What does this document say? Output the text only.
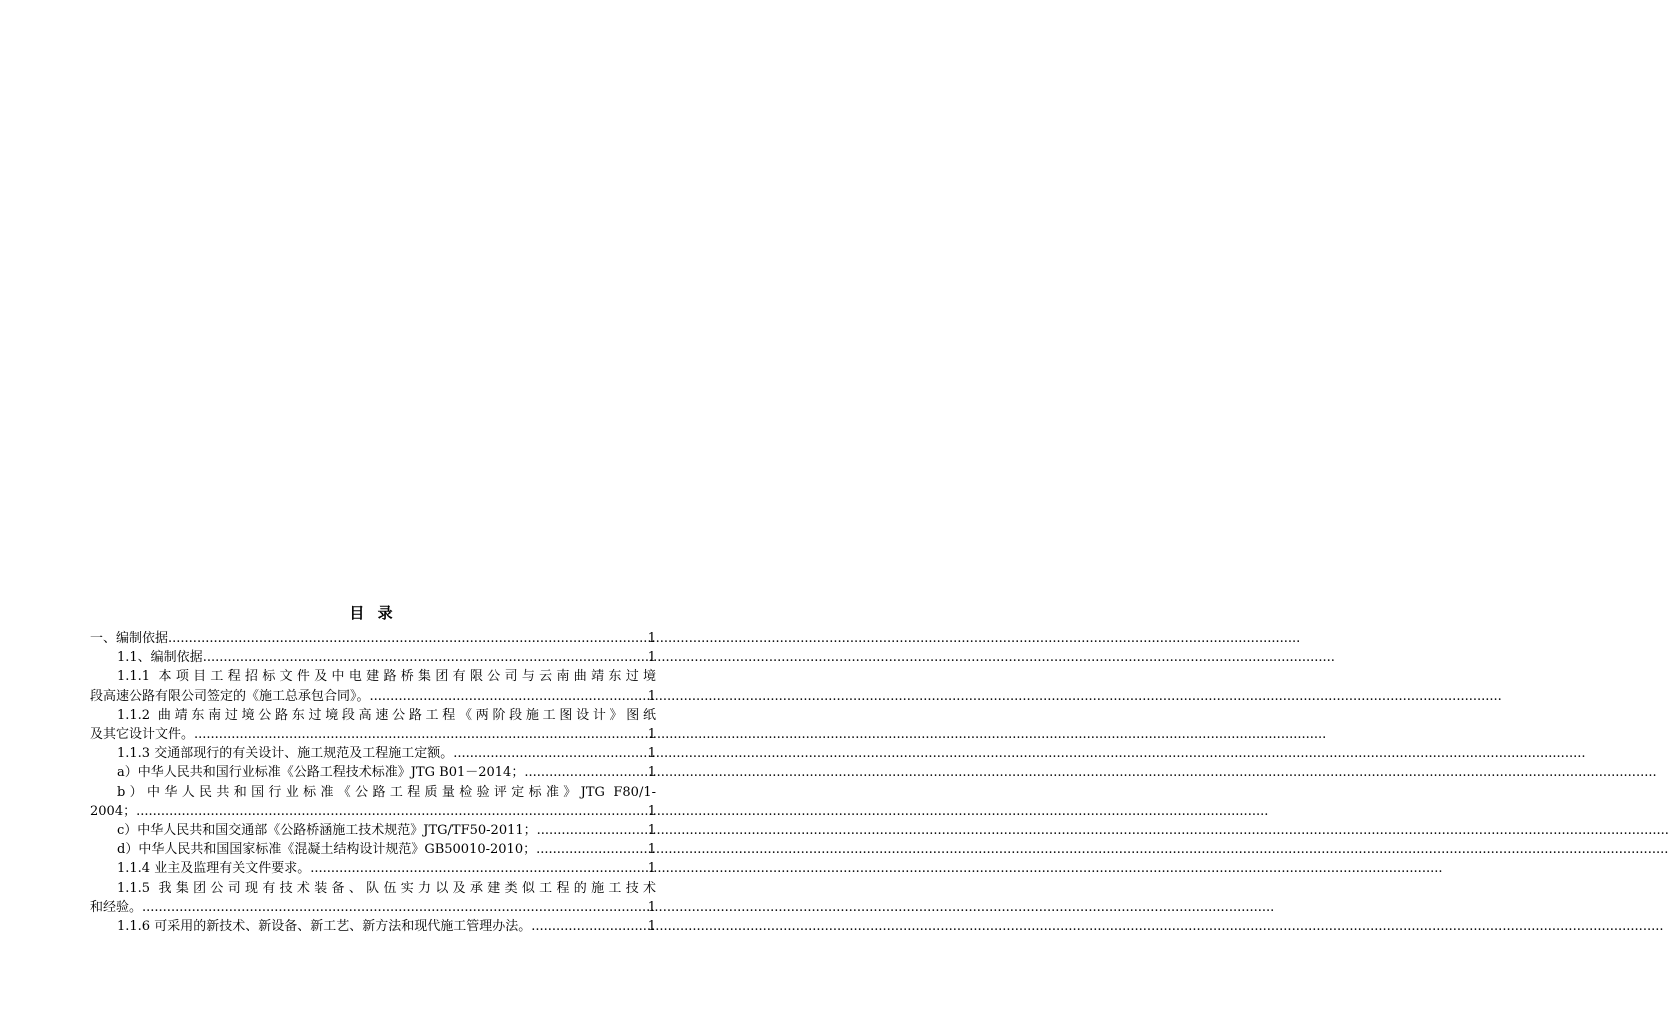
目 录
一、编制依据 .....	1
1.1、编制依据 .....	1
1.1.1 本项目工程招标文件及中电建路桥集团有限公司与云南曲靖东过境
段高速公路有限公司签定的《施工总承包合同》。 .....	1
1.1.2 曲靖东南过境公路东过境段高速公路工程《两阶段施工图设计》图纸
及其它设计文件。 .....	1
1.1.3 交通部现行的有关设计、施工规范及工程施工定额。 .....	1
a）中华人民共和国行业标准《公路工程技术标准》JTG B01－2014； .....	1
b）中华人民共和国行业标准《公路工程质量检验评定标准》JTG F80/1-
2004； .....	1
c）中华人民共和国交通部《公路桥涵施工技术规范》JTG/TF50-2011； .....	1
d）中华人民共和国国家标准《混凝土结构设计规范》GB50010-2010； .....	1
1.1.4 业主及监理有关文件要求。 .....	1
1.1.5 我集团公司现有技术装备、队伍实力以及承建类似工程的施工技术
和经验。 .....	1
1.1.6 可采用的新技术、新设备、新工艺、新方法和现代施工管理办法。 .....	1
